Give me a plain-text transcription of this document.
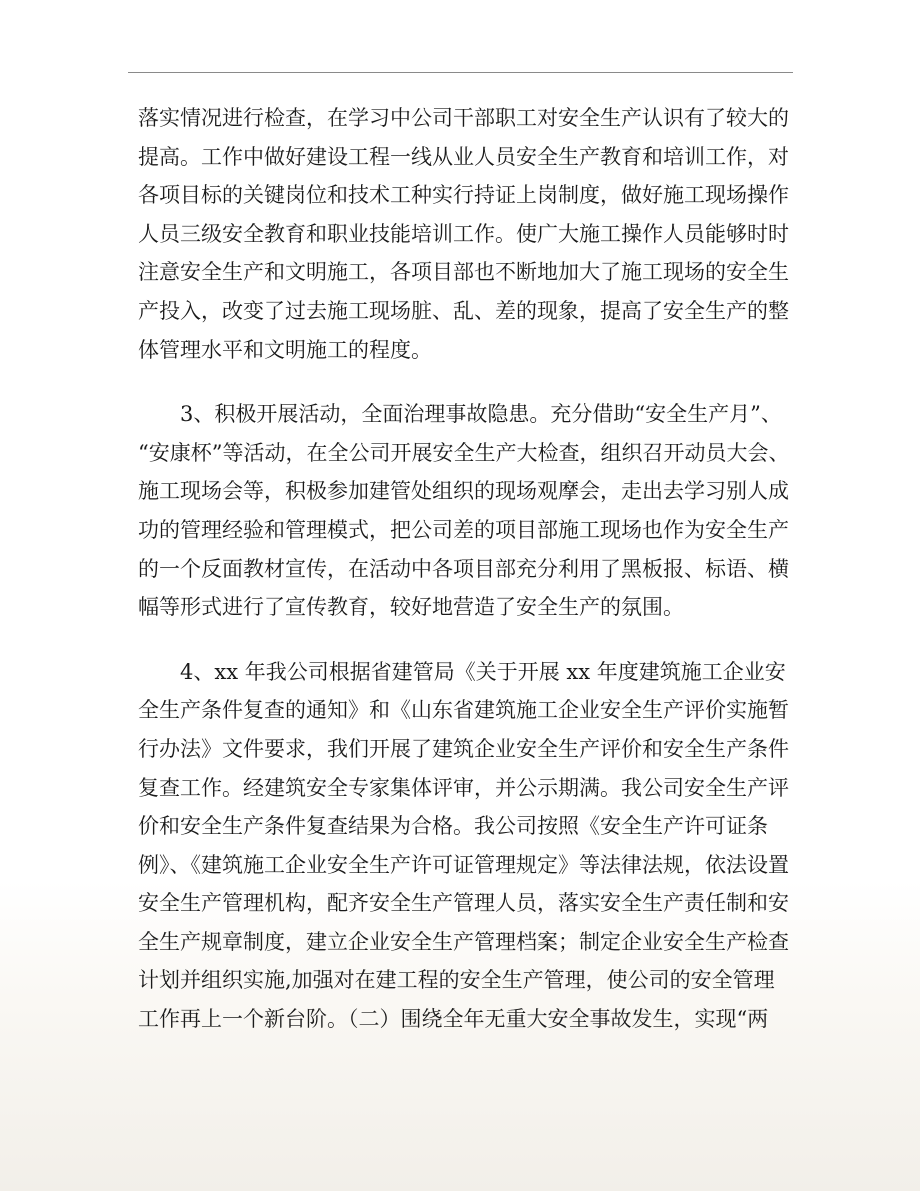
落实情况进行检查，在学习中公司干部职工对安全生产认识有了较大的
提高。工作中做好建设工程一线从业人员安全生产教育和培训工作，对
各项目标的关键岗位和技术工种实行持证上岗制度，做好施工现场操作
人员三级安全教育和职业技能培训工作。使广大施工操作人员能够时时
注意安全生产和文明施工，各项目部也不断地加大了施工现场的安全生
产投入，改变了过去施工现场脏、乱、差的现象，提高了安全生产的整
体管理水平和文明施工的程度。
3、积极开展活动，全面治理事故隐患。充分借助“安全生产月”、
“安康杯”等活动，在全公司开展安全生产大检查，组织召开动员大会、
施工现场会等，积极参加建管处组织的现场观摩会，走出去学习别人成
功的管理经验和管理模式，把公司差的项目部施工现场也作为安全生产
的一个反面教材宣传，在活动中各项目部充分利用了黑板报、标语、横
幅等形式进行了宣传教育，较好地营造了安全生产的氛围。
4、xx 年我公司根据省建管局《关于开展 xx 年度建筑施工企业安
全生产条件复查的通知》和《山东省建筑施工企业安全生产评价实施暂
行办法》文件要求，我们开展了建筑企业安全生产评价和安全生产条件
复查工作。经建筑安全专家集体评审，并公示期满。我公司安全生产评
价和安全生产条件复查结果为合格。我公司按照《安全生产许可证条
例》、《建筑施工企业安全生产许可证管理规定》等法律法规，依法设置
安全生产管理机构，配齐安全生产管理人员，落实安全生产责任制和安
全生产规章制度，建立企业安全生产管理档案；制定企业安全生产检查
计划并组织实施,加强对在建工程的安全生产管理，使公司的安全管理
工作再上一个新台阶。（二）围绕全年无重大安全事故发生，实现“两
